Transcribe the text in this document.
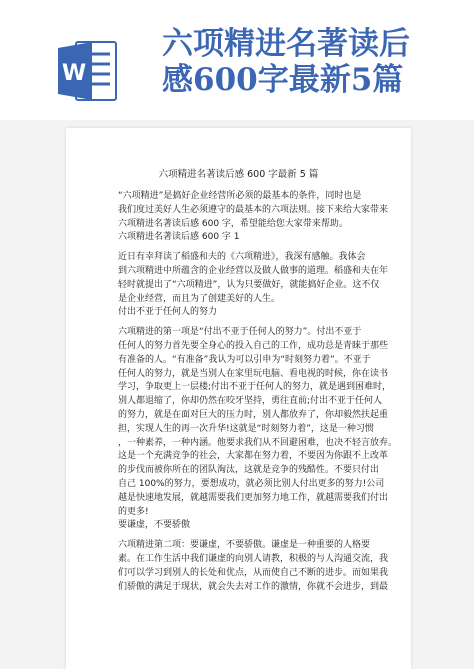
W
六项精进名著读后
感600字最新5篇
六项精进名著读后感 600 字最新 5 篇
“六项精进”是搞好企业经营所必须的最基本的条件，同时也是
我们度过美好人生必须遵守的最基本的六项法则。接下来给大家带来
六项精进名著读后感 600 字，希望能给您大家带来帮助。
六项精进名著读后感 600 字 1
近日有幸拜读了稻盛和夫的《六项精进》，我深有感触。我体会
到六项精进中所蕴含的企业经营以及做人做事的道理。稻盛和夫在年
轻时就提出了“六项精进”，认为只要做好，就能搞好企业。这不仅
是企业经营，而且为了创建美好的人生。
付出不亚于任何人的努力
六项精进的第一项是“付出不亚于任何人的努力”。付出不亚于
任何人的努力首先要全身心的投入自己的工作，成功总是青睐于那些
有准备的人。“有准备”我认为可以引申为“时刻努力着”。不亚于
任何人的努力，就是当别人在家里玩电脑、看电视的时候，你在读书
学习，争取更上一层楼;付出不亚于任何人的努力，就是遇到困难时，
别人都退缩了，你却仍然在咬牙坚持，勇往直前;付出不亚于任何人
的努力，就是在面对巨大的压力时，别人都放弃了，你却毅然扶起重
担，实现人生的再一次升华!这就是“时刻努力着”，这是一种习惯
，一种素养，一种内涵。他要求我们从不回避困难，也决不轻言放弃。
这是一个充满竞争的社会，大家都在努力着，不要因为你跟不上改革
的步伐而被你所在的团队淘汰，这就是竞争的残酷性。不要只付出
自己 100%的努力，要想成功，就必须比别人付出更多的努力!公司
越是快速地发展，就越需要我们更加努力地工作，就越需要我们付出
的更多!
要谦虚，不要骄傲
六项精进第二项：要谦虚，不要骄傲。谦虚是一种重要的人格要
素。在工作生活中我们谦虚的向别人请教，积极的与人沟通交流，我
们可以学习到别人的长处和优点，从而使自己不断的进步。而如果我
们骄傲的满足于现状，就会失去对工作的激情，你就不会进步，到最
